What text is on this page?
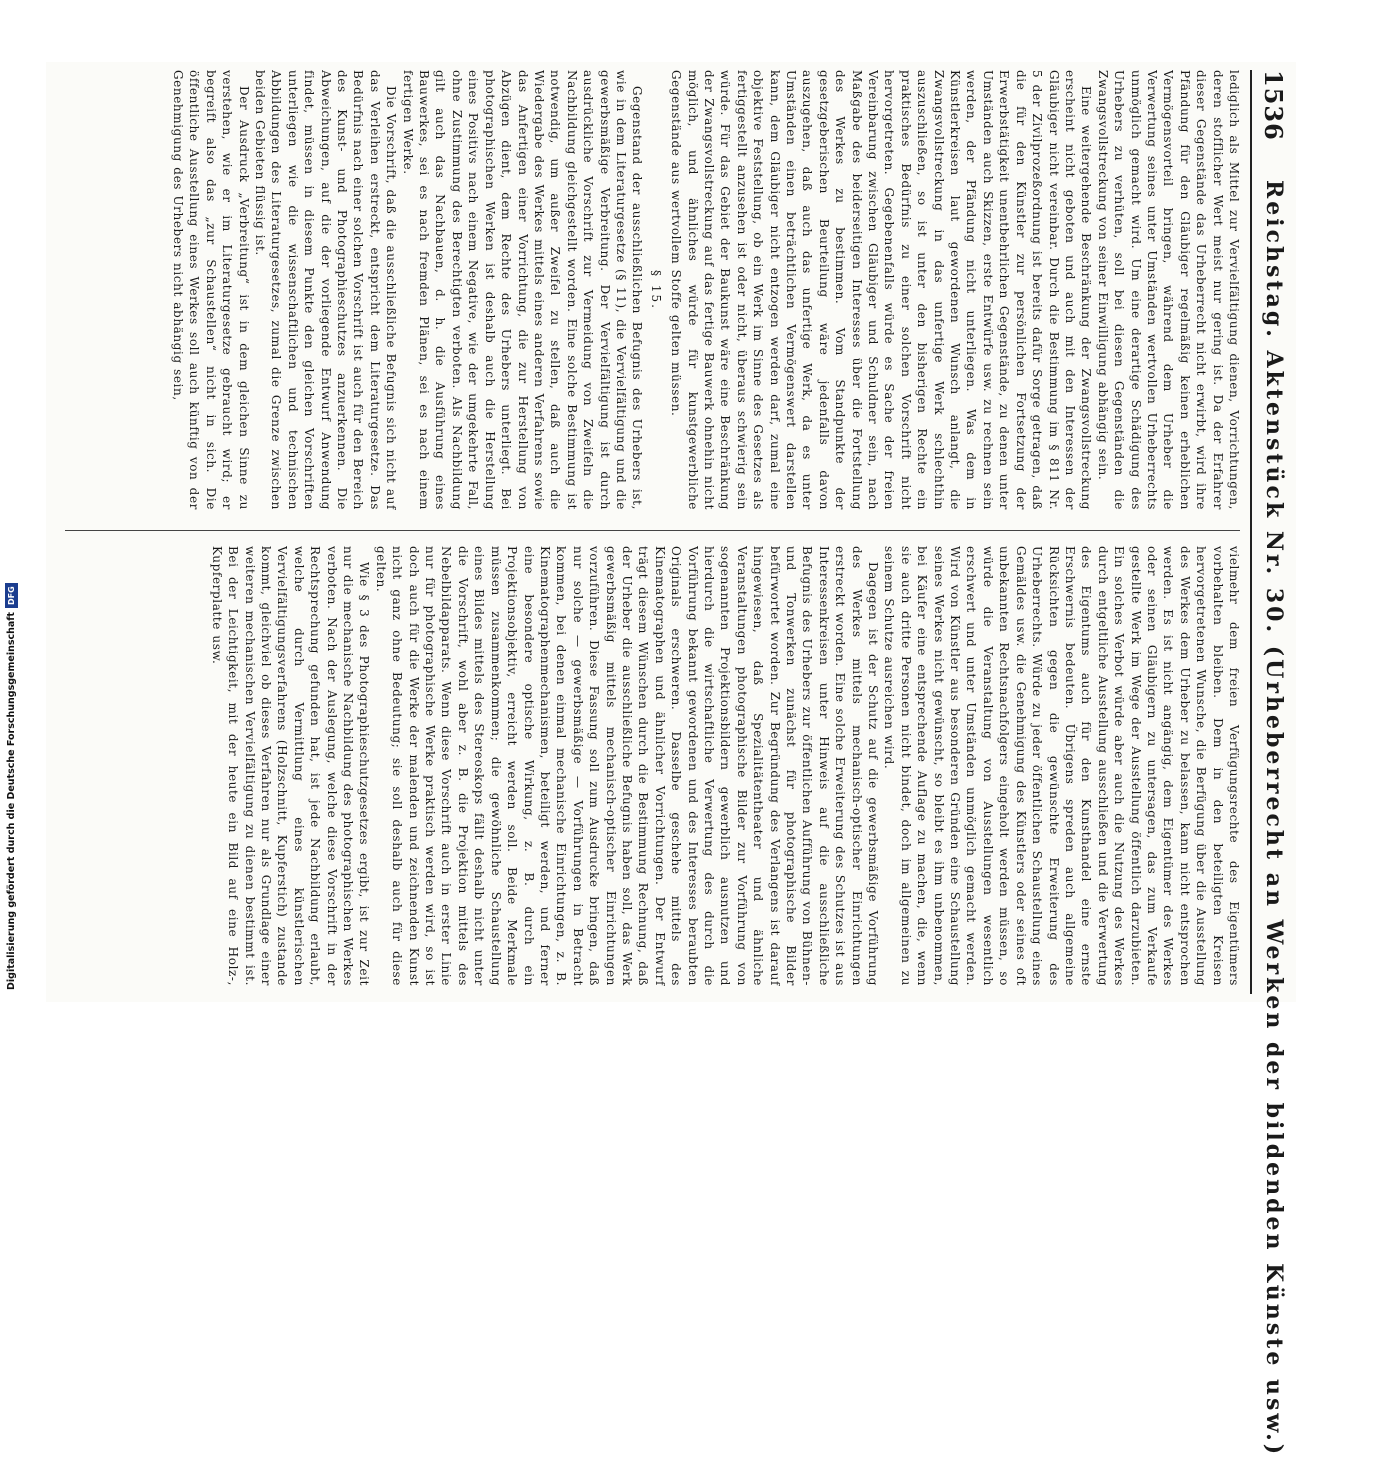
1536
Reichstag. Aktenstück Nr. 30. (Urheberrecht an Werken der bildenden Künste usw.)

lediglich als Mittel zur Vervielfältigung dienen, Vorrichtungen, deren stofflicher Wert meist nur gering ist. Da der Erfahrer dieser Gegenstände das Urheberrecht nicht erwirbt, wird ihre Pfändung für den Gläubiger regelmäßig keinen erheblichen Vermögensvorteil bringen, während dem Urheber die Verwertung seines unter Umständen wertvollen Urheberrechts unmöglich gemacht wird. Um eine derartige Schädigung des Urhebers zu verhüten, soll bei diesen Gegenständen die Zwangsvollstreckung von seiner Einwilligung abhängig sein.

Eine weitergehende Beschränkung der Zwangsvollstreckung erscheint nicht geboten und auch mit den Interessen der Gläubiger nicht vereinbar. Durch die Bestimmung im § 811 Nr. 5 der Zivilprozeßordnung ist bereits dafür Sorge getragen, daß die für den Künstler zur persönlichen Fortsetzung der Erwerbstätigkeit unentbehrlichen Gegenstände, zu denen unter Umständen auch Skizzen, erste Entwürfe usw. zu rechnen sein werden, der Pfändung nicht unterliegen. Was dem in Künstlerkreisen laut gewordenen Wunsch anlangt, die Zwangsvollstreckung in das unfertige Werk schlechthin auszuschließen, so ist unter den bisherigen Rechte ein praktisches Bedürfnis zu einer solchen Vorschrift nicht hervorgetreten. Gegebenenfalls würde es Sache der freien Vereinbarung zwischen Gläubiger und Schuldner sein, nach Maßgabe des beiderseitigen Interesses über die Fortstellung des Werkes zu bestimmen. Vom Standpunkte der gesetzgeberischen Beurteilung wäre jedenfalls davon auszugehen, daß auch das unfertige Werk, da es unter Umständen einen beträchtlichen Vermögenswert darstellen kann, dem Gläubiger nicht entzogen werden darf, zumal eine objektive Feststellung, ob ein Werk im Sinne des Gesetzes als fertiggestellt anzusehen ist oder nicht, überaus schwierig sein würde. Für das Gebiet der Baukunst wäre eine Beschränkung der Zwangsvollstreckung auf das fertige Bauwerk ohnehin nicht möglich, und ähnliches würde für kunstgewerbliche Gegenstände aus wertvollem Stoffe gelten müssen.

§ 15.

Gegenstand der ausschließlichen Befugnis des Urhebers ist, wie in dem Literaturgesetze (§ 11), die Vervielfältigung und die gewerbsmäßige Verbreitung. Der Vervielfältigung ist durch ausdrückliche Vorschrift zur Vermeidung von Zweifeln die Nachbildung gleichgestellt worden. Eine solche Bestimmung ist notwendig, um außer Zweifel zu stellen, daß auch die Wiedergabe des Werkes mittels eines anderen Verfahrens sowie das Anfertigen einer Vorrichtung, die zur Herstellung von Abzügen dient, dem Rechte des Urhebers unterliegt. Bei photographischen Werken ist deshalb auch die Herstellung eines Positivs nach einem Negative, wie der umgekehrte Fall, ohne Zustimmung des Berechtigten verboten. Als Nachbildung gilt auch das Nachbauen, d. h. die Ausführung eines Bauwerkes, sei es nach fremden Plänen, sei es nach einem fertigen Werke.

Die Vorschrift, daß die ausschließliche Befugnis sich nicht auf das Verleihen erstreckt, entspricht dem Literaturgesetze. Das Bedürfnis nach einer solchen Vorschrift ist auch für den Bereich des Kunst- und Photographieschutzes anzuerkennen. Die Abweichungen, auf die der vorliegende Entwurf Anwendung findet, müssen in diesem Punkte den gleichen Vorschriften unterliegen wie die wissenschaftlichen und technischen Abbildungen des Literaturgesetzes, zumal die Grenze zwischen beiden Gebieten flüssig ist.

Der Ausdruck „Verbreitung“ ist in dem gleichen Sinne zu verstehen, wie er im Literaturgesetze gebraucht wird; er begreift also das „zur Schaustellen“ nicht in sich. Die öffentliche Ausstellung eines Werkes soll auch künftig von der Genehmigung des Urhebers nicht abhängig sein,

vielmehr dem freien Verfügungsrechte des Eigentümers vorbehalten bleiben. Dem in den beteiligten Kreisen hervorgetretenen Wunsche, die Berfügung über die Ausstellung des Werkes dem Urheber zu belassen, kann nicht entsprochen werden. Es ist nicht angängig, dem Eigentümer des Werkes oder seinen Gläubigern zu untersagen, das zum Verkaufe gestellte Werk im Wege der Ausstellung öffentlich darzubieten. Ein solches Verbot würde aber auch die Nutzung des Werkes durch entgeltliche Ausstellung ausschließen und die Verwertung des Eigentums auch für den Kunsthandel eine ernste Erschwernis bedeuten. Übrigens spreden auch allgemeine Rücksichten gegen die gewünschte Erweiterung des Urheberrechts. Würde zu jeder öffentlichen Schaustellung eines Gemäldes usw. die Genehmigung des Künstlers oder seines oft unbekannten Rechtsnachfolgers eingeholt werden müssen, so würde die Veranstaltung von Ausstellungen wesentlich erschwert und unter Umständen unmöglich gemacht werden. Wird von Künstler aus besonderen Gründen eine Schaustellung seines Werkes nicht gewünscht, so bleibt es ihm unbenommen, bei Käufer eine entsprechende Auflage zu machen, die, wenn sie auch dritte Personen nicht bindet, doch im allgemeinen zu seinem Schutze ausreichen wird.

Dagegen ist der Schutz auf die gewerbsmäßige Vorführung des Werkes mittels mechanisch-optischer Einrichtungen erstreckt worden. Eine solche Erweiterung des Schutzes ist aus Interessenkreisen unter Hinweis auf die ausschließliche Befugnis des Urhebers zur öffentlichen Aufführung von Bühnen- und Tonwerken zunächst für photographische Bilder befürwortet worden. Zur Begründung des Verlangens ist darauf hingewiesen, daß Spezialitätentheater und ähnliche Veranstaltungen photographische Bilder zur Vorführung von sogenannten Projektionsbildern gewerblich ausnutzen und hierdurch die wirtschaftliche Verwertung des durch die Vorführung bekannt gewordenen und des Interesses beraubten Originals erschweren. Dasselbe geschehe mittels des Kinematographen und ähnlicher Vorrichtungen. Der Entwurf trägt diesem Wünschen durch die Bestimmung Rechnung, daß der Urheber die ausschließliche Befugnis haben soll, das Werk gewerbsmäßig mittels mechanisch-optischer Einrichtungen vorzuführen. Diese Fassung soll zum Ausdrucke bringen, daß nur solche — gewerbsmäßige — Vorführungen in Betracht kommen, bei denen einmal mechanische Einrichtungen, z. B. Kinematographenmechanismen, beteiligt werden, und ferner eine besondere optische Wirkung, z. B. durch ein Projektionsobjektiv, erreicht werden soll. Beide Merkmale müssen zusammenkommen; die gewöhnliche Schaustellung eines Bildes mittels des Stereoskops fällt deshalb nicht unter die Vorschrift, wohl aber z. B. die Projektion mittels des Nebelbildapparats. Wenn diese Vorschrift auch in erster Linie nur für photographische Werke praktisch werden wird, so ist doch auch für die Werke der malenden und zeichnenden Kunst nicht ganz ohne Bedeutung; sie soll deshalb auch für diese gelten.

Wie § 3 des Photographieschutzgesetzes ergibt, ist zur Zeit nur die mechanische Nachbildung des photographischen Werkes verboten. Nach der Auslegung, welche diese Vorschrift in der Rechtsprechung gefunden hat, ist jede Nachbildung erlaubt, welche durch Vermittlung eines künstlerischen Vervielfältigungsverfahrens (Holzschnitt, Kupferstich) zustande kommt, gleichviel ob dieses Verfahren nur als Grundlage einer weiteren mechanischen Vervielfältigung zu dienen bestimmt ist. Bei der Leichtigkeit, mit der heute ein Bild auf eine Holz-, Kupferplatte usw.

Digitalisierung gefördert durch die Deutsche Forschungsgemeinschaft
DFG
